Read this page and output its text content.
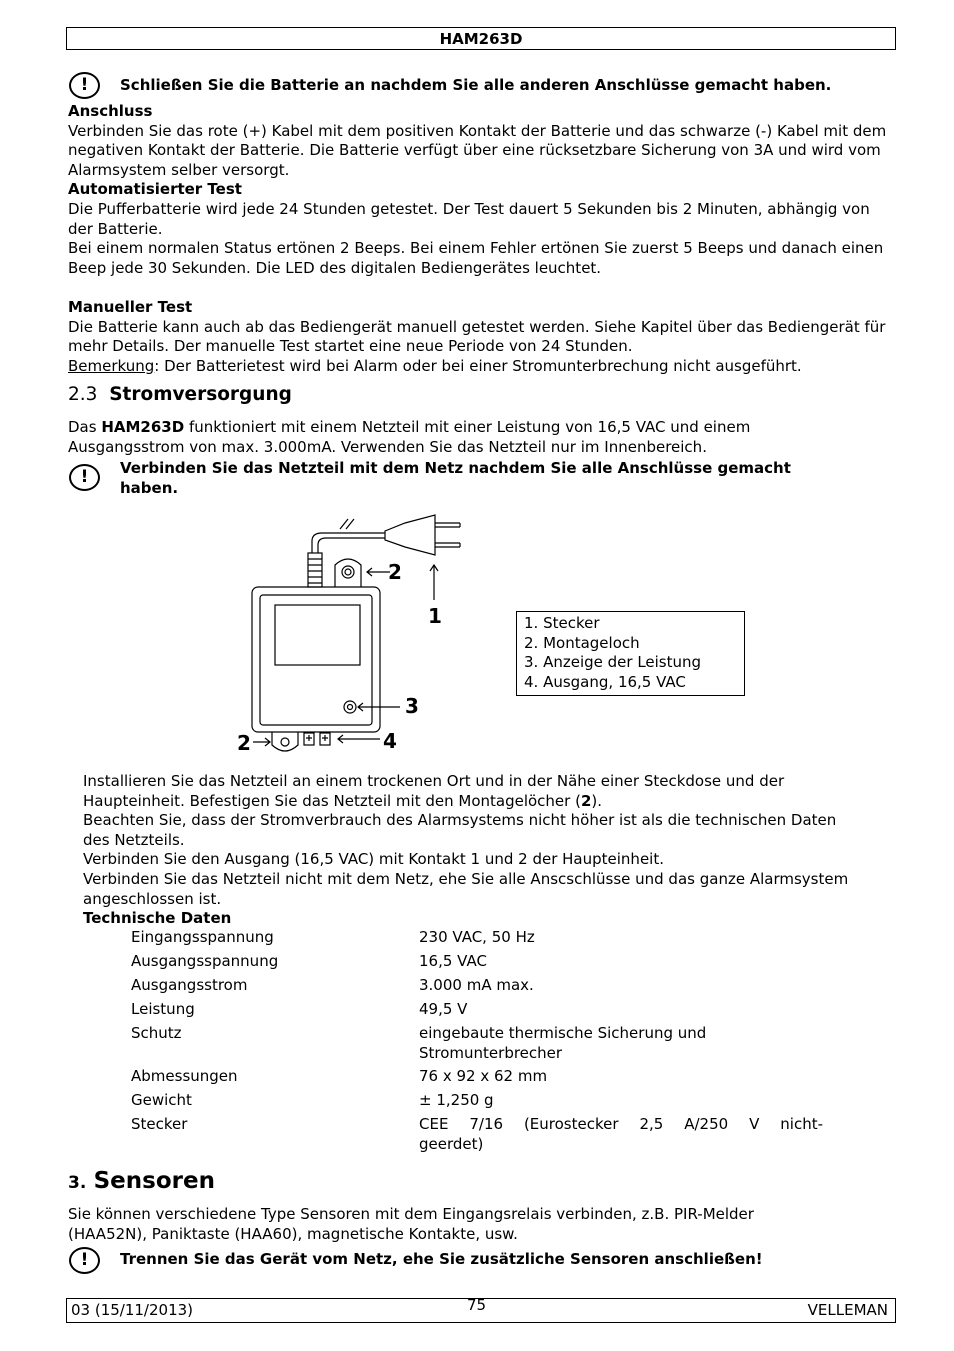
HAM263D
!	Schließen Sie die Batterie an nachdem Sie alle anderen Anschlüsse gemacht haben.

Anschluss

Verbinden Sie das rote (+) Kabel mit dem positiven Kontakt der Batterie und das schwarze (-) Kabel mit dem negativen Kontakt der Batterie. Die Batterie verfügt über eine rücksetzbare Sicherung von 3A und wird vom Alarmsystem selber versorgt.

Automatisierter Test

Die Pufferbatterie wird jede 24 Stunden getestet. Der Test dauert 5 Sekunden bis 2 Minuten, abhängig von der Batterie.

Bei einem normalen Status ertönen 2 Beeps. Bei einem Fehler ertönen Sie zuerst 5 Beeps und danach einen Beep jede 30 Sekunden. Die LED des digitalen Bediengerätes leuchtet.

Manueller Test

Die Batterie kann auch ab das Bediengerät manuell getestet werden. Siehe Kapitel über das Bediengerät für mehr Details. Der manuelle Test startet eine neue Periode von 24 Stunden.

Bemerkung: Der Batterietest wird bei Alarm oder bei einer Stromunterbrechung nicht ausgeführt.

2.3 Stromversorgung
Das HAM263D funktioniert mit einem Netzteil mit einer Leistung von 16,5 VAC und einem Ausgangsstrom von max. 3.000mA. Verwenden Sie das Netzteil nur im Innenbereich.
!	Verbinden Sie das Netzteil mit dem Netz nachdem Sie alle Anschlüsse gemacht haben.
2
1
3
4
2
1. Stecker
2. Montageloch
3. Anzeige der Leistung
4. Ausgang, 16,5 VAC

Installieren Sie das Netzteil an einem trockenen Ort und in der Nähe einer Steckdose und der Haupteinheit. Befestigen Sie das Netzteil mit den Montagelöcher (2).

Beachten Sie, dass der Stromverbrauch des Alarmsystems nicht höher ist als die technischen Daten des Netzteils.

Verbinden Sie den Ausgang (16,5 VAC) mit Kontakt 1 und 2 der Haupteinheit.

Verbinden Sie das Netzteil nicht mit dem Netz, ehe Sie alle Anscschlüsse und das ganze Alarmsystem angeschlossen ist.

Technische Daten

Eingangsspannung	230 VAC, 50 Hz
Ausgangsspannung	16,5 VAC
Ausgangsstrom	3.000 mA max.
Leistung	49,5 V
Schutz	eingebaute thermische Sicherung und Stromunterbrecher
Abmessungen	76 x 92 x 62 mm
Gewicht	± 1,250 g
Stecker	CEE 7/16 (Eurostecker 2,5 A/250 V nicht-
geerdet)
3. Sensoren
Sie können verschiedene Type Sensoren mit dem Eingangsrelais verbinden, z.B. PIR-Melder (HAA52N), Paniktaste (HAA60), magnetische Kontakte, usw.
!	Trennen Sie das Gerät vom Netz, ehe Sie zusätzliche Sensoren anschließen!
03 (15/11/2013)	75	VELLEMAN
